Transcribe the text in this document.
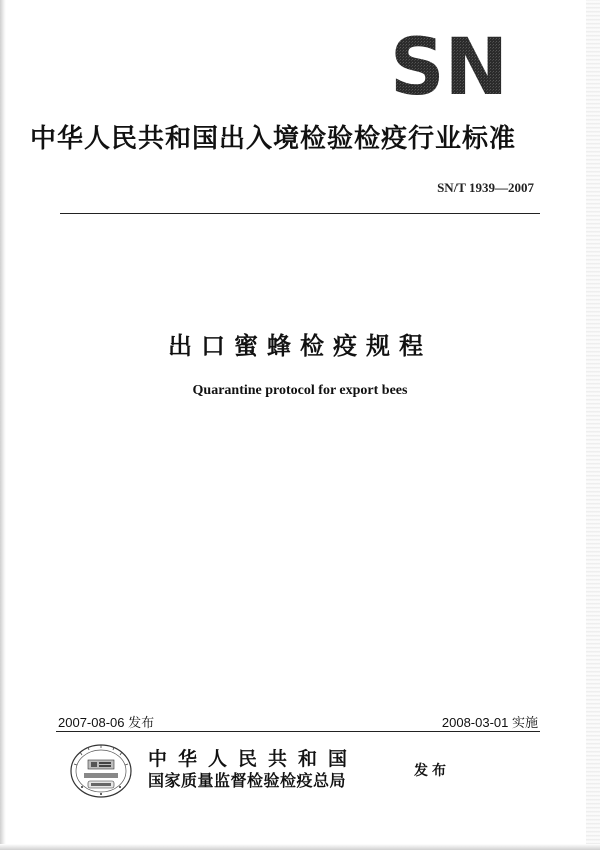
SN
中华人民共和国出入境检验检疫行业标准
SN/T 1939—2007
出口蜜蜂检疫规程
Quarantine protocol for export bees
2007-08-06 发布	2008-03-01 实施
中华人民共和国
国家质量监督检验检疫总局	发布
